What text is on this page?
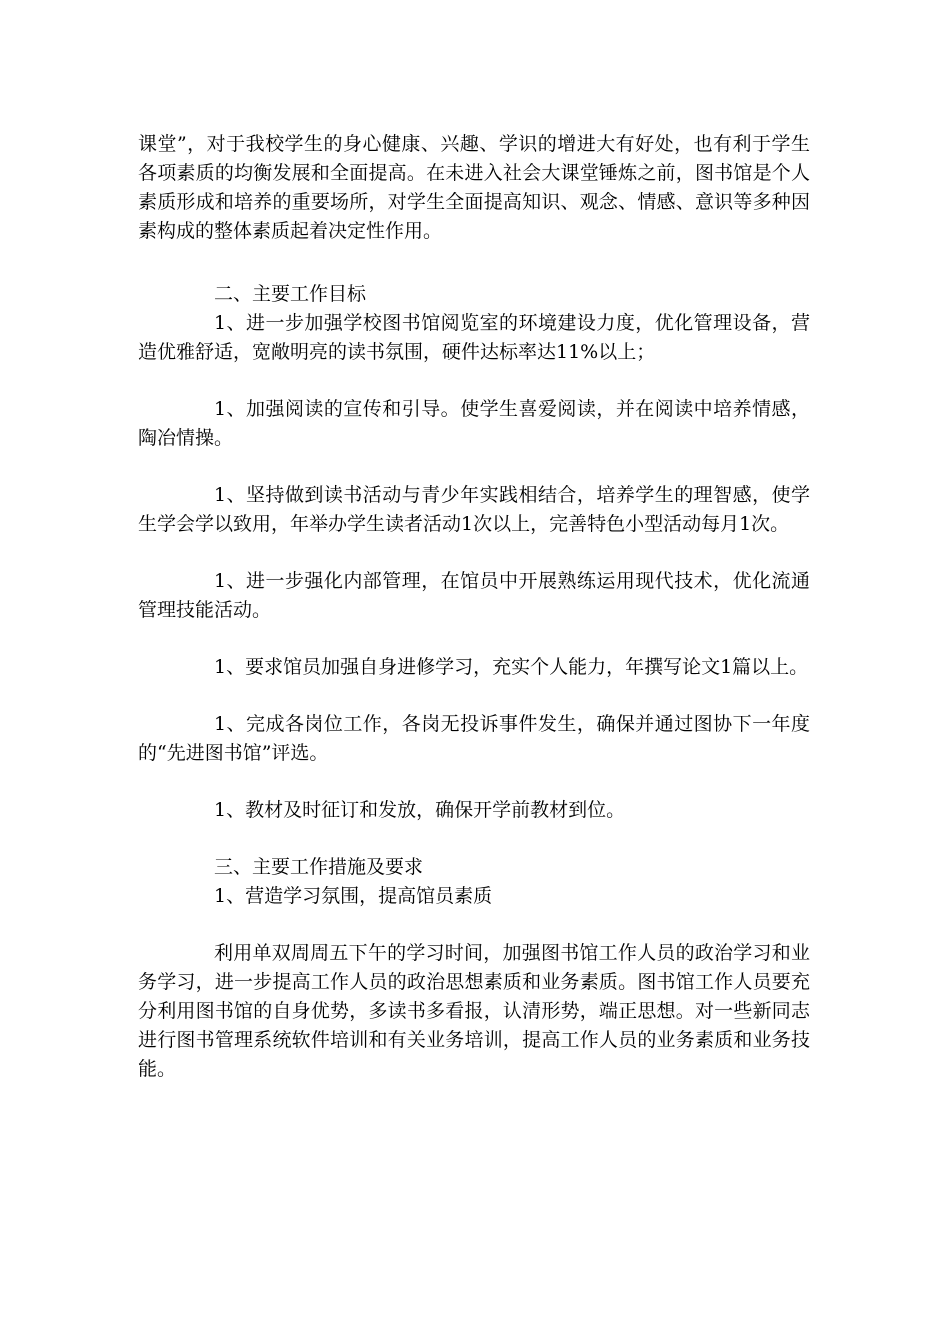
课堂”，对于我校学生的身心健康、兴趣、学识的增进大有好处，也有利于学生各项素质的均衡发展和全面提高。在未进入社会大课堂锤炼之前，图书馆是个人素质形成和培养的重要场所，对学生全面提高知识、观念、情感、意识等多种因素构成的整体素质起着决定性作用。

二、主要工作目标

1、进一步加强学校图书馆阅览室的环境建设力度，优化管理设备，营造优雅舒适，宽敞明亮的读书氛围，硬件达标率达11%以上；

1、加强阅读的宣传和引导。使学生喜爱阅读，并在阅读中培养情感，陶冶情操。

1、坚持做到读书活动与青少年实践相结合，培养学生的理智感，使学生学会学以致用，年举办学生读者活动1次以上，完善特色小型活动每月1次。

1、进一步强化内部管理，在馆员中开展熟练运用现代技术，优化流通管理技能活动。

1、要求馆员加强自身进修学习，充实个人能力，年撰写论文1篇以上。

1、完成各岗位工作，各岗无投诉事件发生，确保并通过图协下一年度的“先进图书馆”评选。

1、教材及时征订和发放，确保开学前教材到位。

三、主要工作措施及要求

1、营造学习氛围，提高馆员素质

利用单双周周五下午的学习时间，加强图书馆工作人员的政治学习和业务学习，进一步提高工作人员的政治思想素质和业务素质。图书馆工作人员要充分利用图书馆的自身优势，多读书多看报，认清形势，端正思想。对一些新同志进行图书管理系统软件培训和有关业务培训，提高工作人员的业务素质和业务技能。
